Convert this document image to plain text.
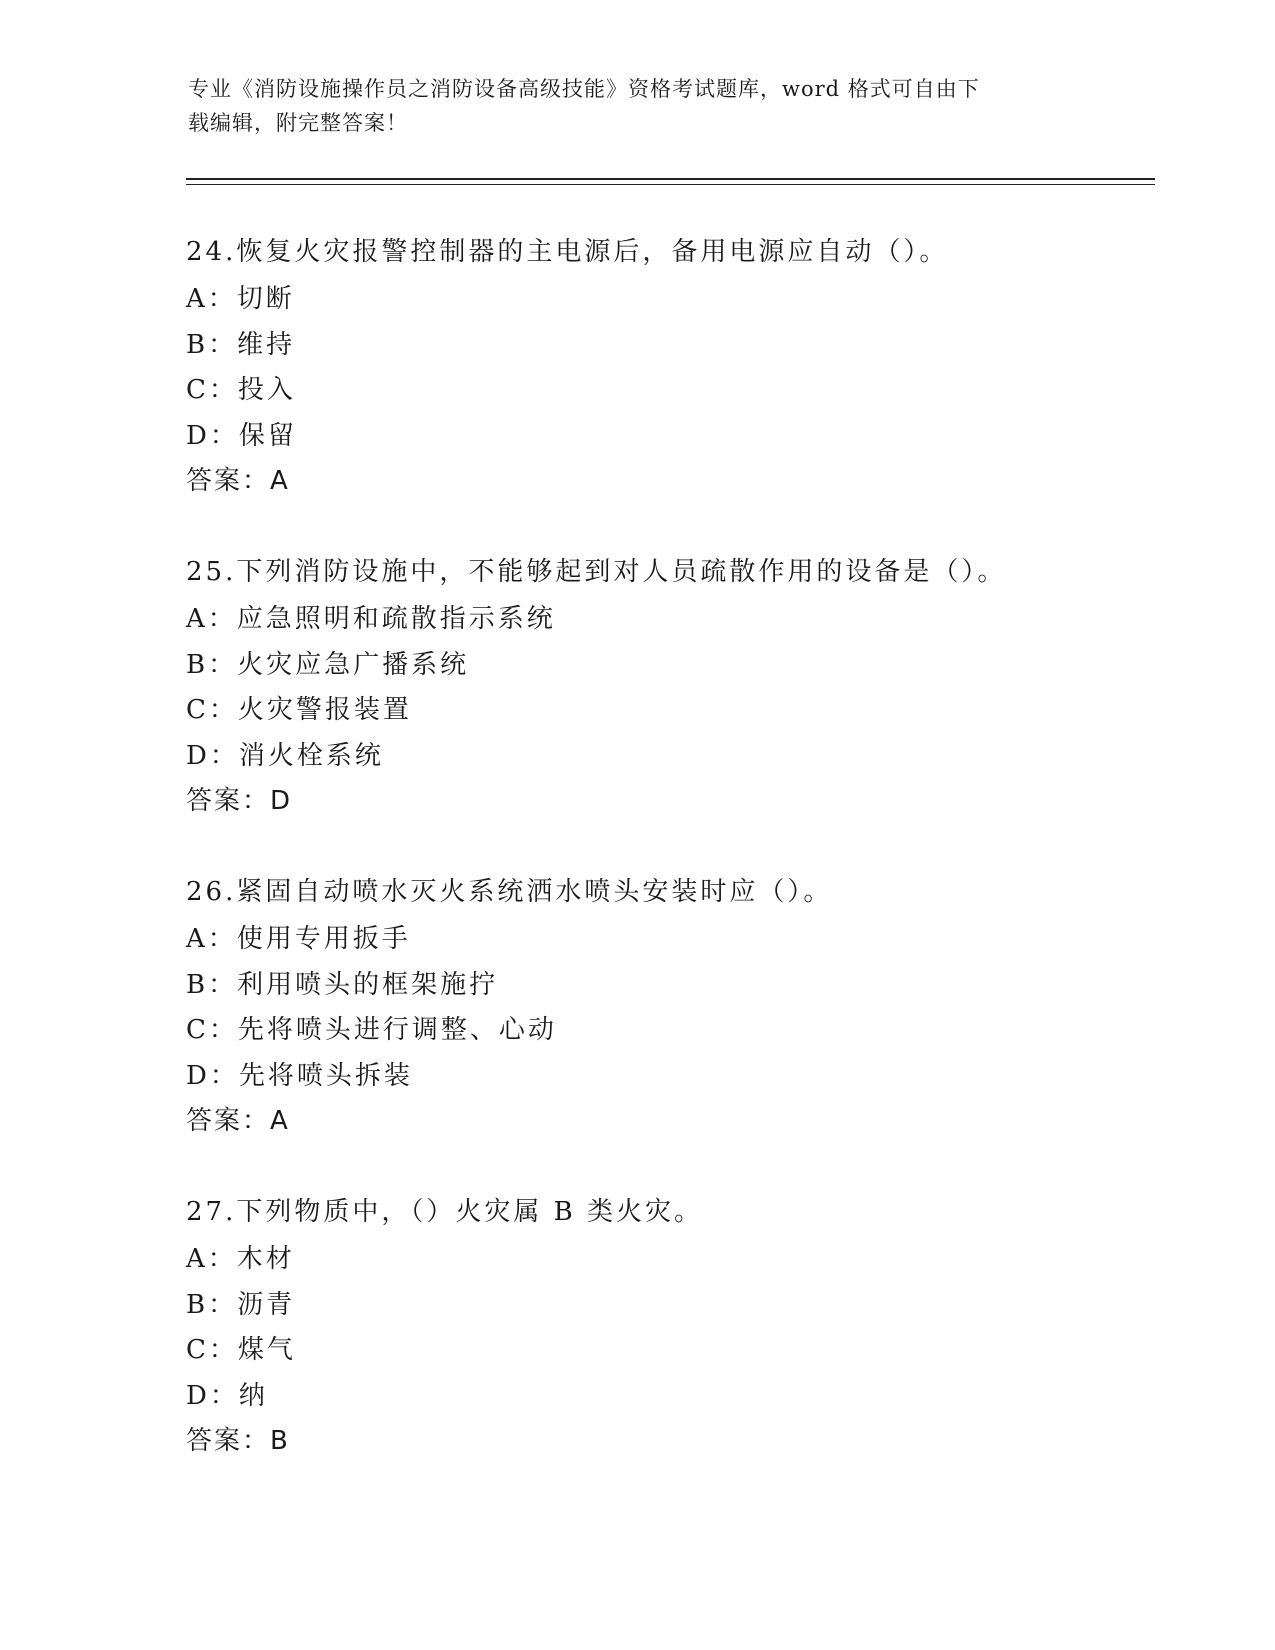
专业《消防设施操作员之消防设备高级技能》资格考试题库，word 格式可自由下
载编辑，附完整答案！
24.恢复火灾报警控制器的主电源后，备用电源应自动（）。
A：切断
B：维持
C：投入
D：保留
答案：A
25.下列消防设施中，不能够起到对人员疏散作用的设备是（）。
A：应急照明和疏散指示系统
B：火灾应急广播系统
C：火灾警报装置
D：消火栓系统
答案：D
26.紧固自动喷水灭火系统洒水喷头安装时应（）。
A：使用专用扳手
B：利用喷头的框架施拧
C：先将喷头进行调整、心动
D：先将喷头拆装
答案：A
27.下列物质中，（）火灾属 B 类火灾。
A：木材
B：沥青
C：煤气
D：纳
答案：B
